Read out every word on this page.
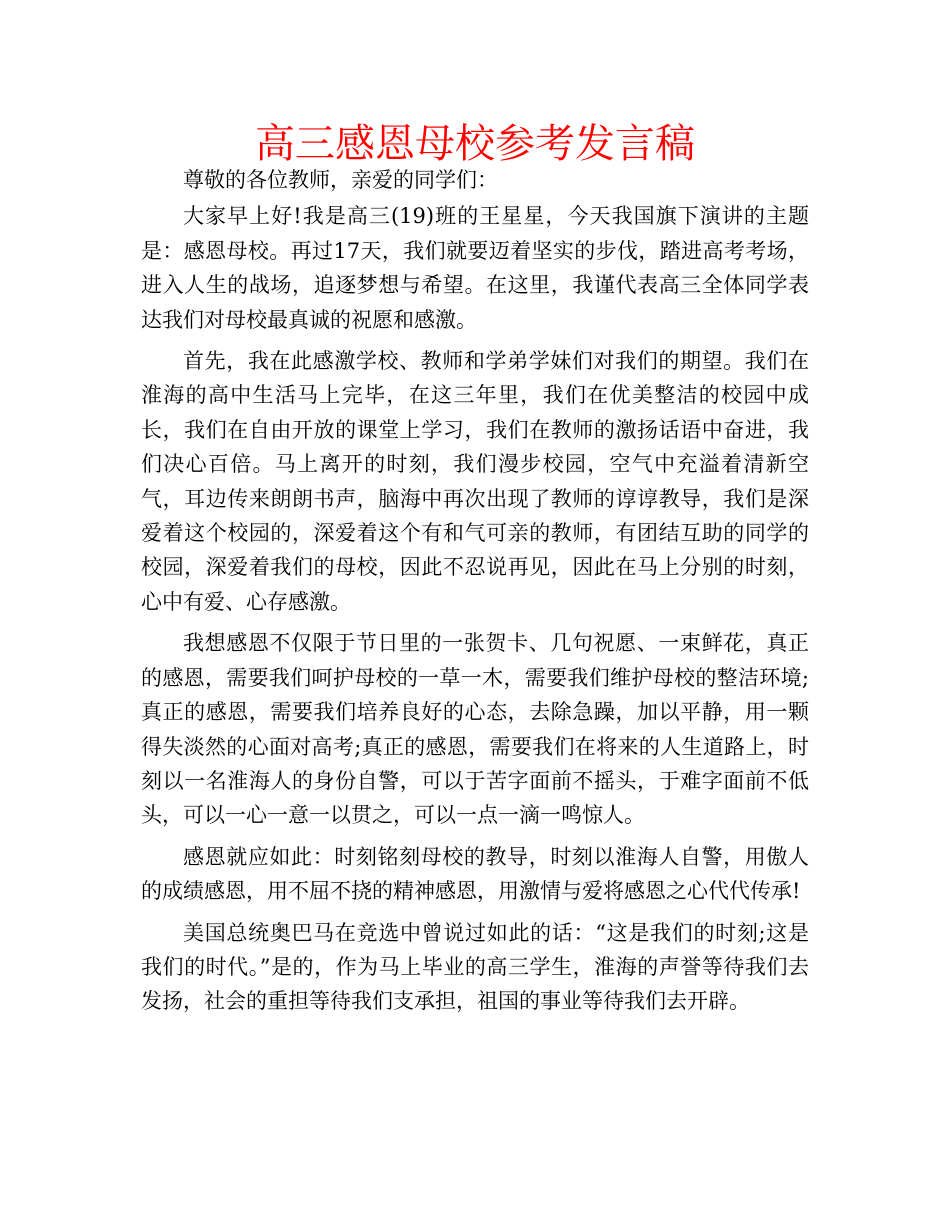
高三感恩母校参考发言稿

尊敬的各位教师，亲爱的同学们：

大家早上好!我是高三(19)班的王星星，今天我国旗下演讲的主题是：感恩母校。再过17天，我们就要迈着坚实的步伐，踏进高考考场，进入人生的战场，追逐梦想与希望。在这里，我谨代表高三全体同学表达我们对母校最真诚的祝愿和感激。

首先，我在此感激学校、教师和学弟学妹们对我们的期望。我们在淮海的高中生活马上完毕，在这三年里，我们在优美整洁的校园中成长，我们在自由开放的课堂上学习，我们在教师的激扬话语中奋进，我们决心百倍。马上离开的时刻，我们漫步校园，空气中充溢着清新空气，耳边传来朗朗书声，脑海中再次出现了教师的谆谆教导，我们是深爱着这个校园的，深爱着这个有和气可亲的教师，有团结互助的同学的校园，深爱着我们的母校，因此不忍说再见，因此在马上分别的时刻，心中有爱、心存感激。

我想感恩不仅限于节日里的一张贺卡、几句祝愿、一束鲜花，真正的感恩，需要我们呵护母校的一草一木，需要我们维护母校的整洁环境;真正的感恩，需要我们培养良好的心态，去除急躁，加以平静，用一颗得失淡然的心面对高考;真正的感恩，需要我们在将来的人生道路上，时刻以一名淮海人的身份自警，可以于苦字面前不摇头，于难字面前不低头，可以一心一意一以贯之，可以一点一滴一鸣惊人。

感恩就应如此：时刻铭刻母校的教导，时刻以淮海人自警，用傲人的成绩感恩，用不屈不挠的精神感恩，用激情与爱将感恩之心代代传承!

美国总统奥巴马在竞选中曾说过如此的话：“这是我们的时刻;这是我们的时代。”是的，作为马上毕业的高三学生，淮海的声誉等待我们去发扬，社会的重担等待我们支承担，祖国的事业等待我们去开辟。
